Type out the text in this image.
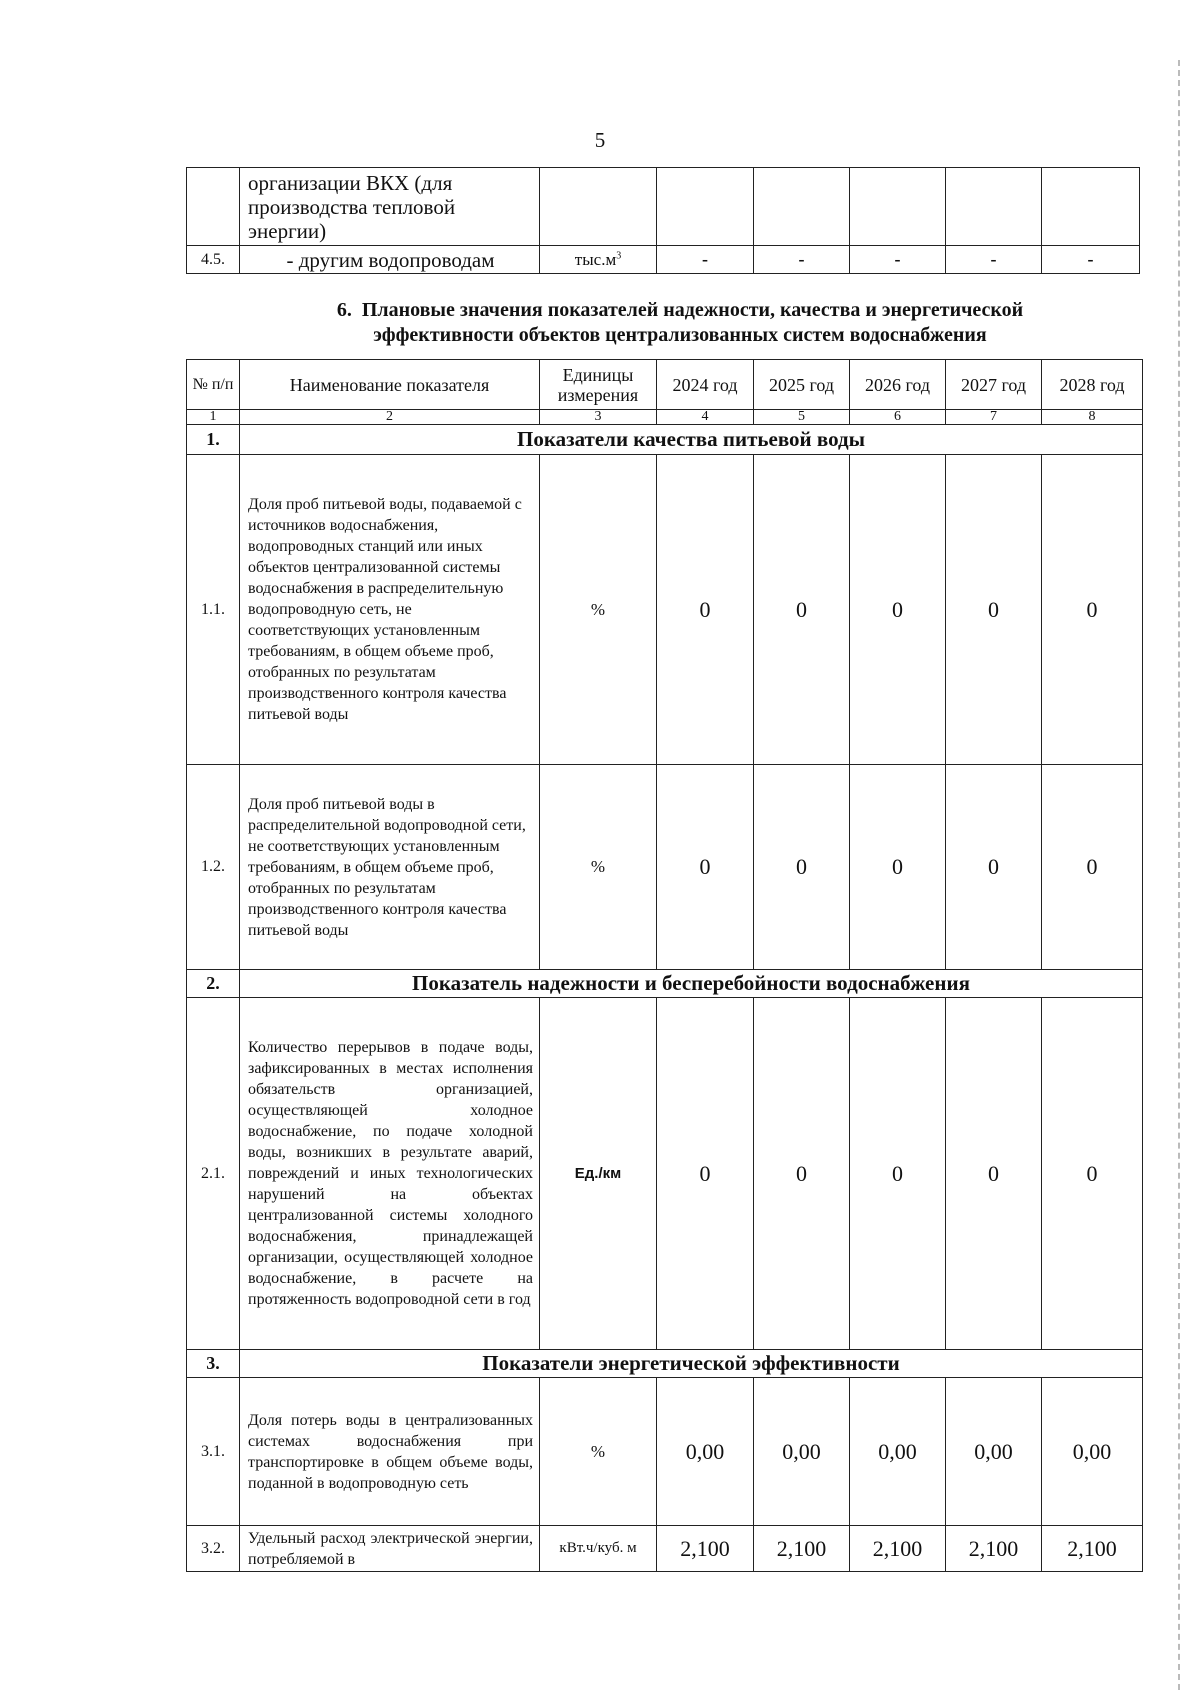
5
	организации ВКХ (для производства тепловой энергии)						
4.5.	- другим водопроводам	$тыс.м^3$	-	-	-	-	-
6. Плановые значения показателей надежности, качества и энергетической
эффективности объектов централизованных систем водоснабжения
№ п/п	Наименование показателя	Единицы измерения	2024 год	2025 год	2026 год	2027 год	2028 год
1	2	3	4	5	6	7	8
1.	Показатели качества питьевой воды						
1.1.	Доля проб питьевой воды, подаваемой с источников водоснабжения, водопроводных станций или иных объектов централизованной системы водоснабжения в распределительную водопроводную сеть, не соответствующих установленным требованиям, в общем объеме проб, отобранных по результатам производственного контроля качества питьевой воды	%	0	0	0	0	0
1.2.	Доля проб питьевой воды в распределительной водопроводной сети, не соответствующих установленным требованиям, в общем объеме проб, отобранных по результатам производственного контроля качества питьевой воды	%	0	0	0	0	0
2.	Показатель надежности и бесперебойности водоснабжения						
2.1.	Количество перерывов в подаче воды, зафиксированных в местах исполнения обязательств организацией, осуществляющей холодное водоснабжение, по подаче холодной воды, возникших в результате аварий, повреждений и иных технологических нарушений на объектах централизованной системы холодного водоснабжения, принадлежащей организации, осуществляющей холодное водоснабжение, в расчете на протяженность водопроводной сети в год	Ед./км	0	0	0	0	0
3.	Показатели энергетической эффективности						
3.1.	Доля потерь воды в централизованных системах водоснабжения при транспортировке в общем объеме воды, поданной в водопроводную сеть	%	0,00	0,00	0,00	0,00	0,00
3.2.	Удельный расход электрической энергии, потребляемой в	кВт.ч/куб. м	2,100	2,100	2,100	2,100	2,100
